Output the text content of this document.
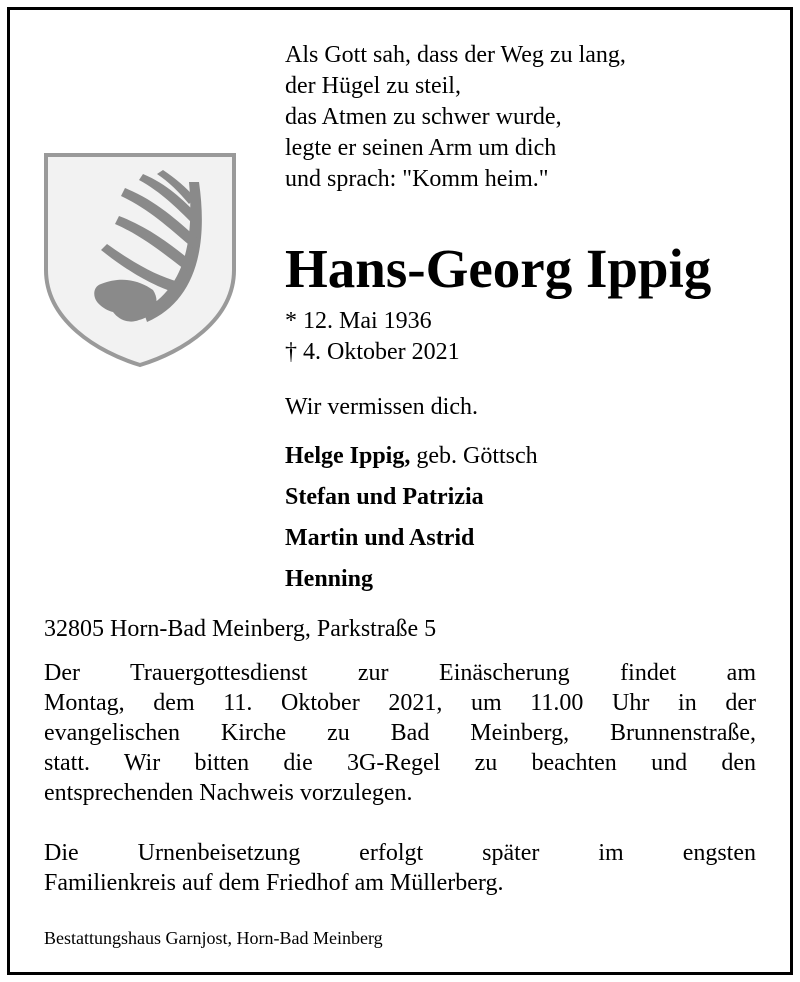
Als Gott sah, dass der Weg zu lang,
der Hügel zu steil,
das Atmen zu schwer wurde,
legte er seinen Arm um dich
und sprach: "Komm heim."
Hans-Georg Ippig
* 12. Mai 1936
† 4. Oktober 2021
Wir vermissen dich.
Helge Ippig, geb. Göttsch
Stefan und Patrizia
Martin und Astrid
Henning
32805 Horn-Bad Meinberg, Parkstraße 5
Der Trauergottesdienst zur Einäscherung findet am
Montag, dem 11. Oktober 2021, um 11.00 Uhr in der
evangelischen Kirche zu Bad Meinberg, Brunnenstraße,
statt. Wir bitten die 3G-Regel zu beachten und den
entsprechenden Nachweis vorzulegen.
Die Urnenbeisetzung erfolgt später im engsten
Familienkreis auf dem Friedhof am Müllerberg.
Bestattungshaus Garnjost, Horn-Bad Meinberg
